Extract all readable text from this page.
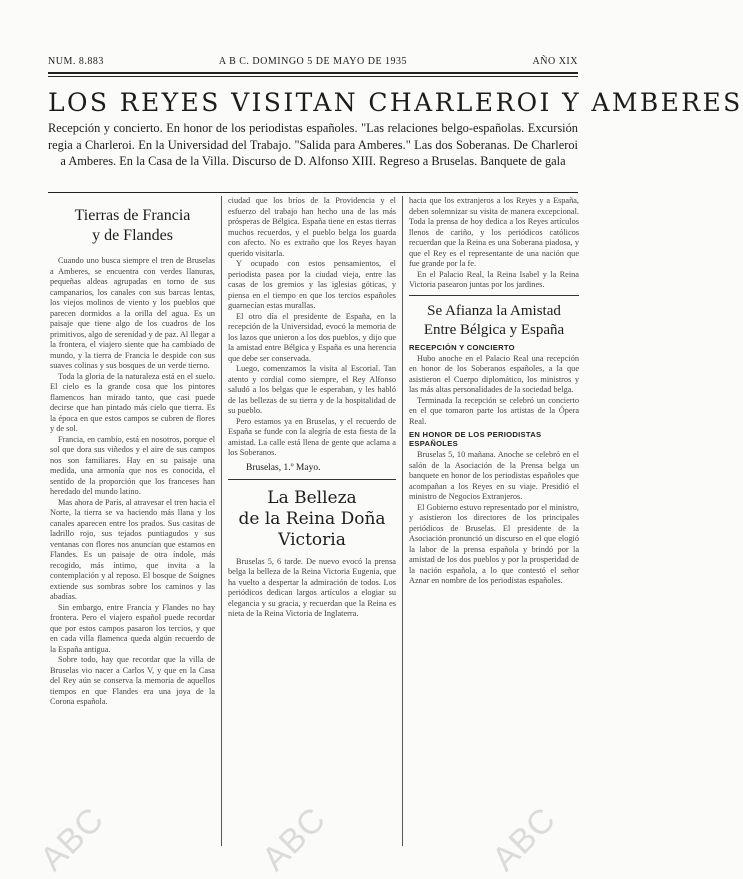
NUM. 8.883	A B C. DOMINGO 5 DE MAYO DE 1935	AÑO XIX
LOS REYES VISITAN CHARLEROI Y AMBERES
Recepción y concierto. En honor de los periodistas españoles. "Las relaciones belgo-españolas. Excursión regia a Charleroi. En la Universidad del Trabajo. "Salida para Amberes." Las dos Soberanas. De Charleroi a Amberes. En la Casa de la Villa. Discurso de D. Alfonso XIII. Regreso a Bruselas. Banquete de gala
Tierras de Francia
y de Flandes

Cuando uno busca siempre el tren de Bruselas a Amberes, se encuentra con verdes llanuras, pequeñas aldeas agrupadas en torno de sus campanarios, los canales con sus barcas lentas, los viejos molinos de viento y los pueblos que parecen dormidos a la orilla del agua. Es un paisaje que tiene algo de los cuadros de los primitivos, algo de serenidad y de paz. Al llegar a la frontera, el viajero siente que ha cambiado de mundo, y la tierra de Francia le despide con sus suaves colinas y sus bosques de un verde tierno.

Toda la gloria de la naturaleza está en el suelo. El cielo es la grande cosa que los pintores flamencos han mirado tanto, que casi puede decirse que han pintado más cielo que tierra. Es la época en que estos campos se cubren de flores y de sol.

Francia, en cambio, está en nosotros, porque el sol que dora sus viñedos y el aire de sus campos nos son familiares. Hay en su paisaje una medida, una armonía que nos es conocida, el sentido de la proporción que los franceses han heredado del mundo latino.

Mas ahora de París, al atravesar el tren hacia el Norte, la tierra se va haciendo más llana y los canales aparecen entre los prados. Sus casitas de ladrillo rojo, sus tejados puntiagudos y sus ventanas con flores nos anuncian que estamos en Flandes. Es un paisaje de otra índole, más recogido, más íntimo, que invita a la contemplación y al reposo. El bosque de Soignes extiende sus sombras sobre los caminos y las abadías.

Sin embargo, entre Francia y Flandes no hay frontera. Pero el viajero español puede recordar que por estos campos pasaron los tercios, y que en cada villa flamenca queda algún recuerdo de la España antigua.

Sobre todo, hay que recordar que la villa de Bruselas vio nacer a Carlos V, y que en la Casa del Rey aún se conserva la memoria de aquellos tiempos en que Flandes era una joya de la Corona española.

ciudad que los bríos de la Providencia y el esfuerzo del trabajo han hecho una de las más prósperas de Bélgica. España tiene en estas tierras muchos recuerdos, y el pueblo belga los guarda con afecto. No es extraño que los Reyes hayan querido visitarla.

Y ocupado con estos pensamientos, el periodista pasea por la ciudad vieja, entre las casas de los gremios y las iglesias góticas, y piensa en el tiempo en que los tercios españoles guarnecían estas murallas.

El otro día el presidente de España, en la recepción de la Universidad, evocó la memoria de los lazos que unieron a los dos pueblos, y dijo que la amistad entre Bélgica y España es una herencia que debe ser conservada.

Luego, comenzamos la visita al Escorial. Tan atento y cordial como siempre, el Rey Alfonso saludó a los belgas que le esperaban, y les habló de las bellezas de su tierra y de la hospitalidad de su pueblo.

Pero estamos ya en Bruselas, y el recuerdo de España se funde con la alegría de esta fiesta de la amistad. La calle está llena de gente que aclama a los Soberanos.

Bruselas, 1.º Mayo.
La Belleza
de la Reina Doña Victoria

Bruselas 5, 6 tarde. De nuevo evocó la prensa belga la belleza de la Reina Victoria Eugenia, que ha vuelto a despertar la admiración de todos. Los periódicos dedican largos artículos a elogiar su elegancia y su gracia, y recuerdan que la Reina es nieta de la Reina Victoria de Inglaterra.

hacia que los extranjeros a los Reyes y a España, deben solemnizar su visita de manera excepcional. Toda la prensa de hoy dedica a los Reyes artículos llenos de cariño, y los periódicos católicos recuerdan que la Reina es una Soberana piadosa, y que el Rey es el representante de una nación que fue grande por la fe.

En el Palacio Real, la Reina Isabel y la Reina Victoria pasearon juntas por los jardines.

Se Afianza la Amistad
Entre Bélgica y España
RECEPCIÓN Y CONCIERTO

Hubo anoche en el Palacio Real una recepción en honor de los Soberanos españoles, a la que asistieron el Cuerpo diplomático, los ministros y las más altas personalidades de la sociedad belga.

Terminada la recepción se celebró un concierto en el que tomaron parte los artistas de la Ópera Real.

EN HONOR DE LOS PERIODISTAS ESPAÑOLES

Bruselas 5, 10 mañana. Anoche se celebró en el salón de la Asociación de la Prensa belga un banquete en honor de los periodistas españoles que acompañan a los Reyes en su viaje. Presidió el ministro de Negocios Extranjeros.

El Gobierno estuvo representado por el ministro, y asistieron los directores de los principales periódicos de Bruselas. El presidente de la Asociación pronunció un discurso en el que elogió la labor de la prensa española y brindó por la amistad de los dos pueblos y por la prosperidad de la nación española, a lo que contestó el señor Aznar en nombre de los periodistas españoles.

ABC	ABC	ABC
